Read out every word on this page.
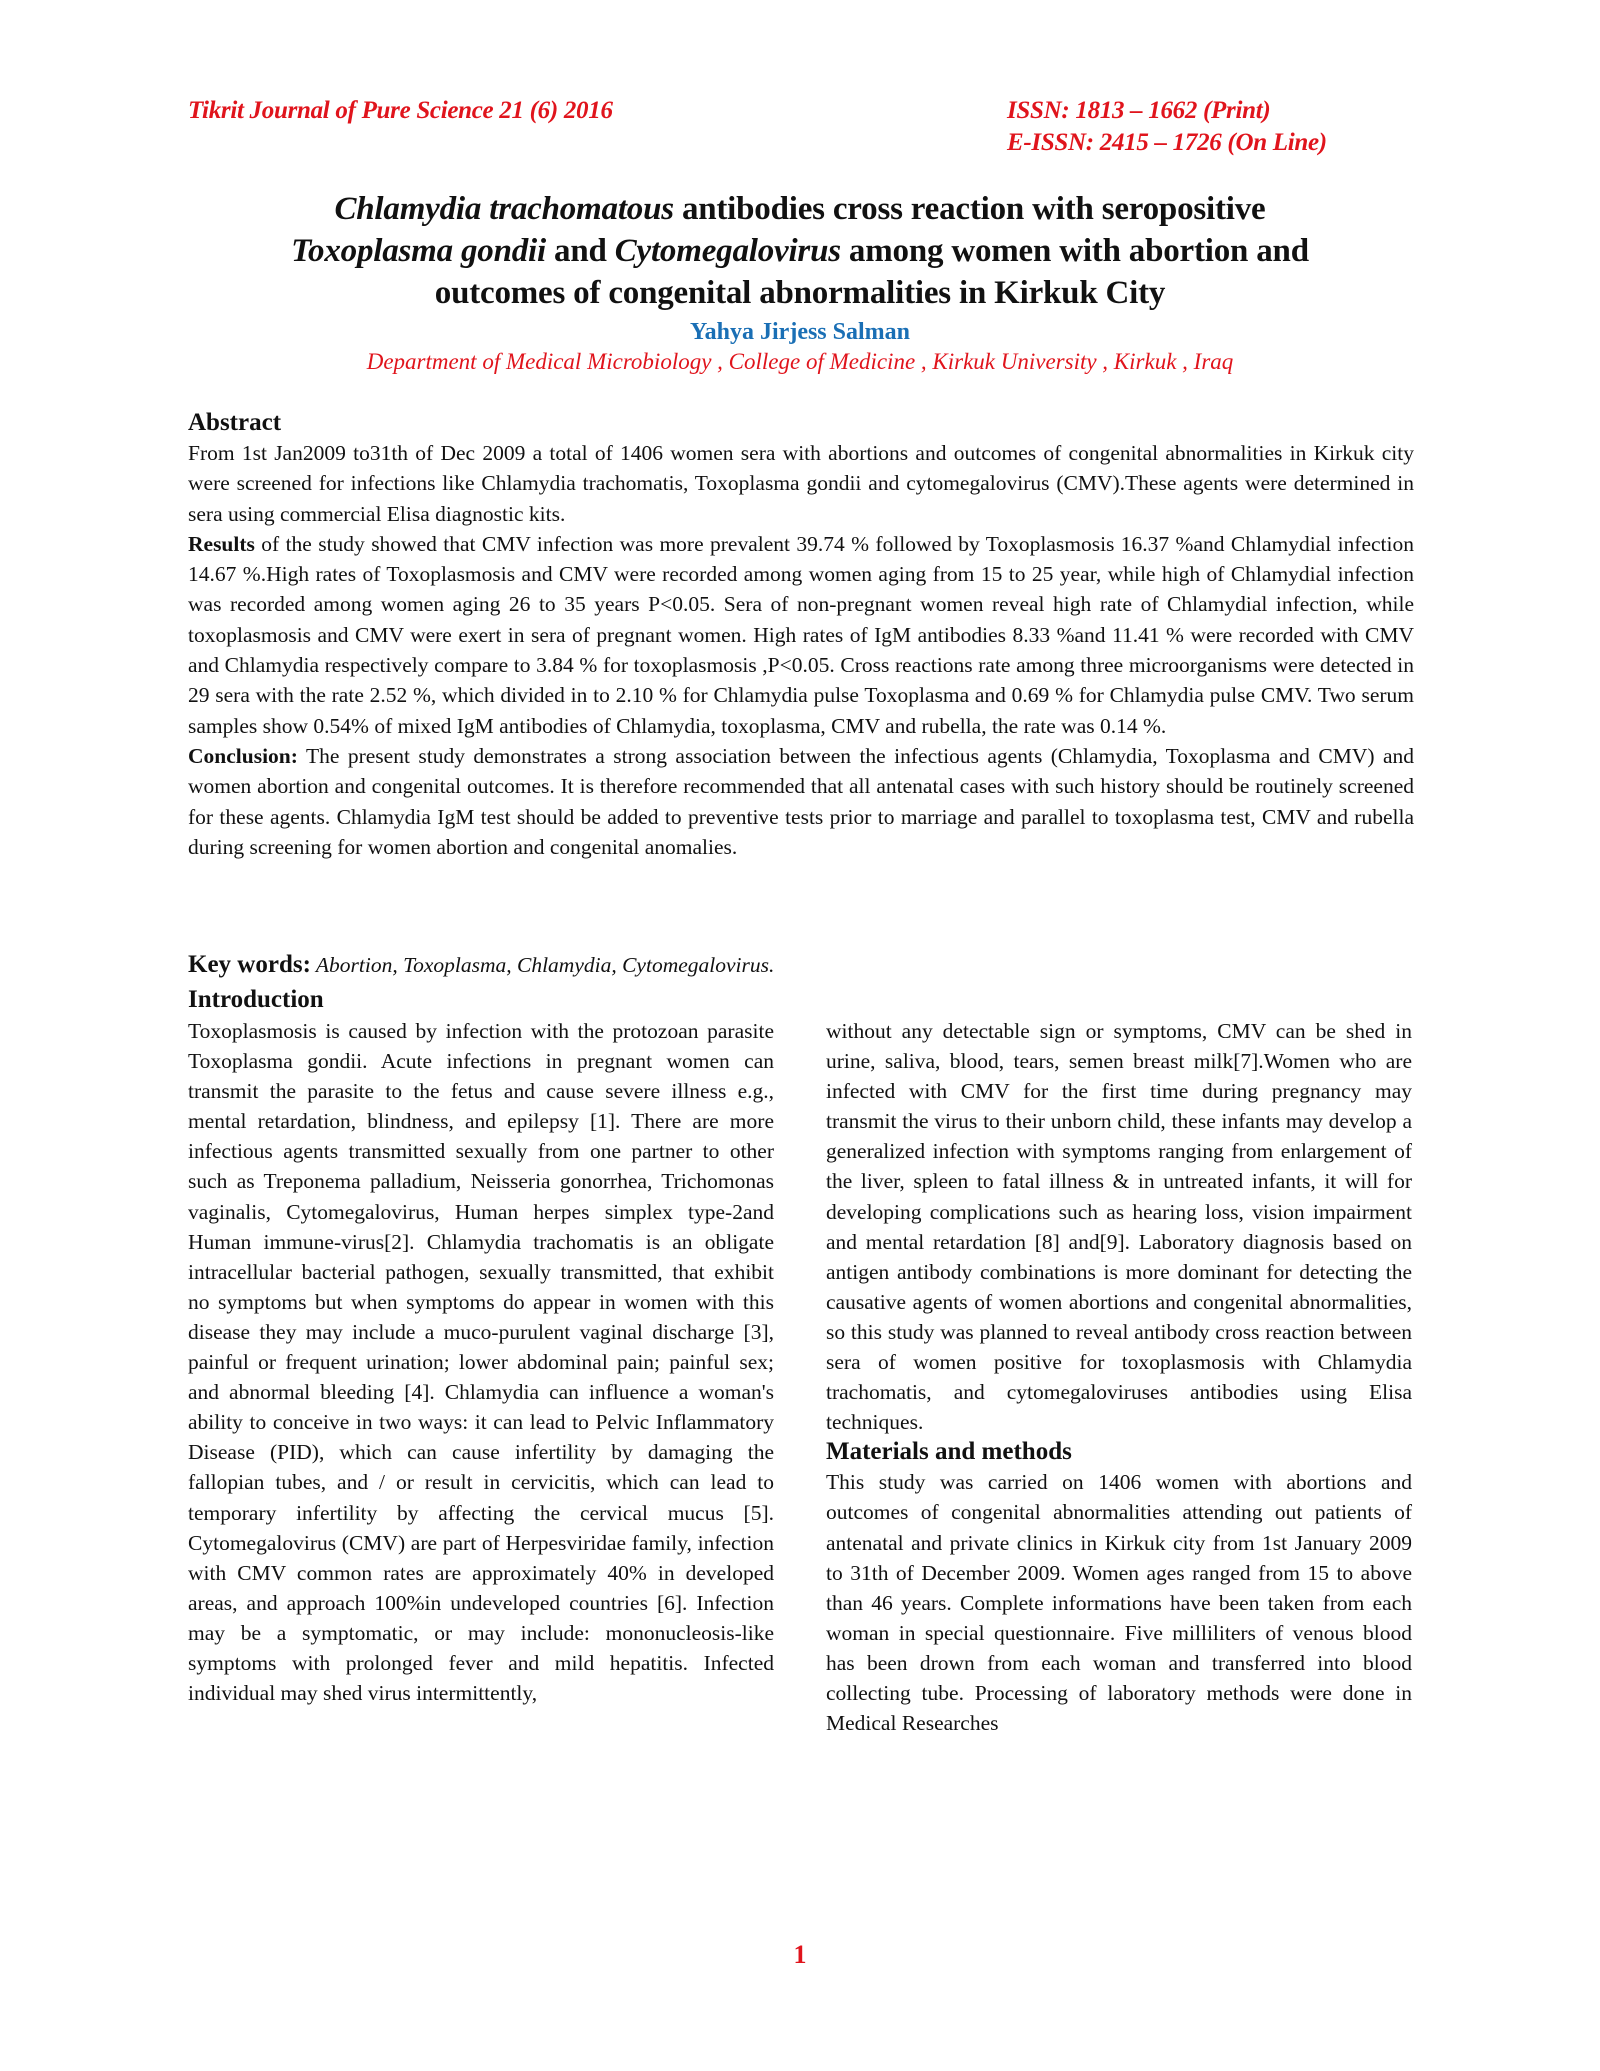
Tikrit Journal of Pure Science 21 (6) 2016	ISSN: 1813 – 1662 (Print)
E-ISSN: 2415 – 1726 (On Line)
Chlamydia trachomatous antibodies cross reaction with seropositive
Toxoplasma gondii and Cytomegalovirus among women with abortion and
outcomes of congenital abnormalities in Kirkuk City
Yahya Jirjess Salman
Department of Medical Microbiology , College of Medicine , Kirkuk University , Kirkuk , Iraq
Abstract

From 1st Jan2009 to31th of Dec 2009 a total of 1406 women sera with abortions and outcomes of congenital abnormalities in Kirkuk city were screened for infections like Chlamydia trachomatis, Toxoplasma gondii and cytomegalovirus (CMV).These agents were determined in sera using commercial Elisa diagnostic kits.

Results of the study showed that CMV infection was more prevalent 39.74 % followed by Toxoplasmosis 16.37 %and Chlamydial infection 14.67 %.High rates of Toxoplasmosis and CMV were recorded among women aging from 15 to 25 year, while high of Chlamydial infection was recorded among women aging 26 to 35 years P<0.05. Sera of non-pregnant women reveal high rate of Chlamydial infection, while toxoplasmosis and CMV were exert in sera of pregnant women. High rates of IgM antibodies 8.33 %and 11.41 % were recorded with CMV and Chlamydia respectively compare to 3.84 % for toxoplasmosis ,P<0.05. Cross reactions rate among three microorganisms were detected in 29 sera with the rate 2.52 %, which divided in to 2.10 % for Chlamydia pulse Toxoplasma and 0.69 % for Chlamydia pulse CMV. Two serum samples show 0.54% of mixed IgM antibodies of Chlamydia, toxoplasma, CMV and rubella, the rate was 0.14 %.

Conclusion: The present study demonstrates a strong association between the infectious agents (Chlamydia, Toxoplasma and CMV) and women abortion and congenital outcomes. It is therefore recommended that all antenatal cases with such history should be routinely screened for these agents. Chlamydia IgM test should be added to preventive tests prior to marriage and parallel to toxoplasma test, CMV and rubella during screening for women abortion and congenital anomalies.

Key words: Abortion, Toxoplasma, Chlamydia, Cytomegalovirus.
Introduction

Toxoplasmosis is caused by infection with the protozoan parasite Toxoplasma gondii. Acute infections in pregnant women can transmit the parasite to the fetus and cause severe illness e.g., mental retardation, blindness, and epilepsy [1]. There are more infectious agents transmitted sexually from one partner to other such as Treponema palladium, Neisseria gonorrhea, Trichomonas vaginalis, Cytomegalovirus, Human herpes simplex type-2and Human immune-virus[2]. Chlamydia trachomatis is an obligate intracellular bacterial pathogen, sexually transmitted, that exhibit no symptoms but when symptoms do appear in women with this disease they may include a muco-purulent vaginal discharge [3], painful or frequent urination; lower abdominal pain; painful sex; and abnormal bleeding [4]. Chlamydia can influence a woman's ability to conceive in two ways: it can lead to Pelvic Inflammatory Disease (PID), which can cause infertility by damaging the fallopian tubes, and / or result in cervicitis, which can lead to temporary infertility by affecting the cervical mucus [5]. Cytomegalovirus (CMV) are part of Herpesviridae family, infection with CMV common rates are approximately 40% in developed areas, and approach 100%in undeveloped countries [6]. Infection may be a symptomatic, or may include: mononucleosis-like symptoms with prolonged fever and mild hepatitis. Infected individual may shed virus intermittently,

without any detectable sign or symptoms, CMV can be shed in urine, saliva, blood, tears, semen breast milk[7].Women who are infected with CMV for the first time during pregnancy may transmit the virus to their unborn child, these infants may develop a generalized infection with symptoms ranging from enlargement of the liver, spleen to fatal illness & in untreated infants, it will for developing complications such as hearing loss, vision impairment and mental retardation [8] and[9]. Laboratory diagnosis based on antigen antibody combinations is more dominant for detecting the causative agents of women abortions and congenital abnormalities, so this study was planned to reveal antibody cross reaction between sera of women positive for toxoplasmosis with Chlamydia trachomatis, and cytomegaloviruses antibodies using Elisa techniques.

Materials and methods

This study was carried on 1406 women with abortions and outcomes of congenital abnormalities attending out patients of antenatal and private clinics in Kirkuk city from 1st January 2009 to 31th of December 2009. Women ages ranged from 15 to above than 46 years. Complete informations have been taken from each woman in special questionnaire. Five milliliters of venous blood has been drown from each woman and transferred into blood collecting tube. Processing of laboratory methods were done in Medical Researches

1
